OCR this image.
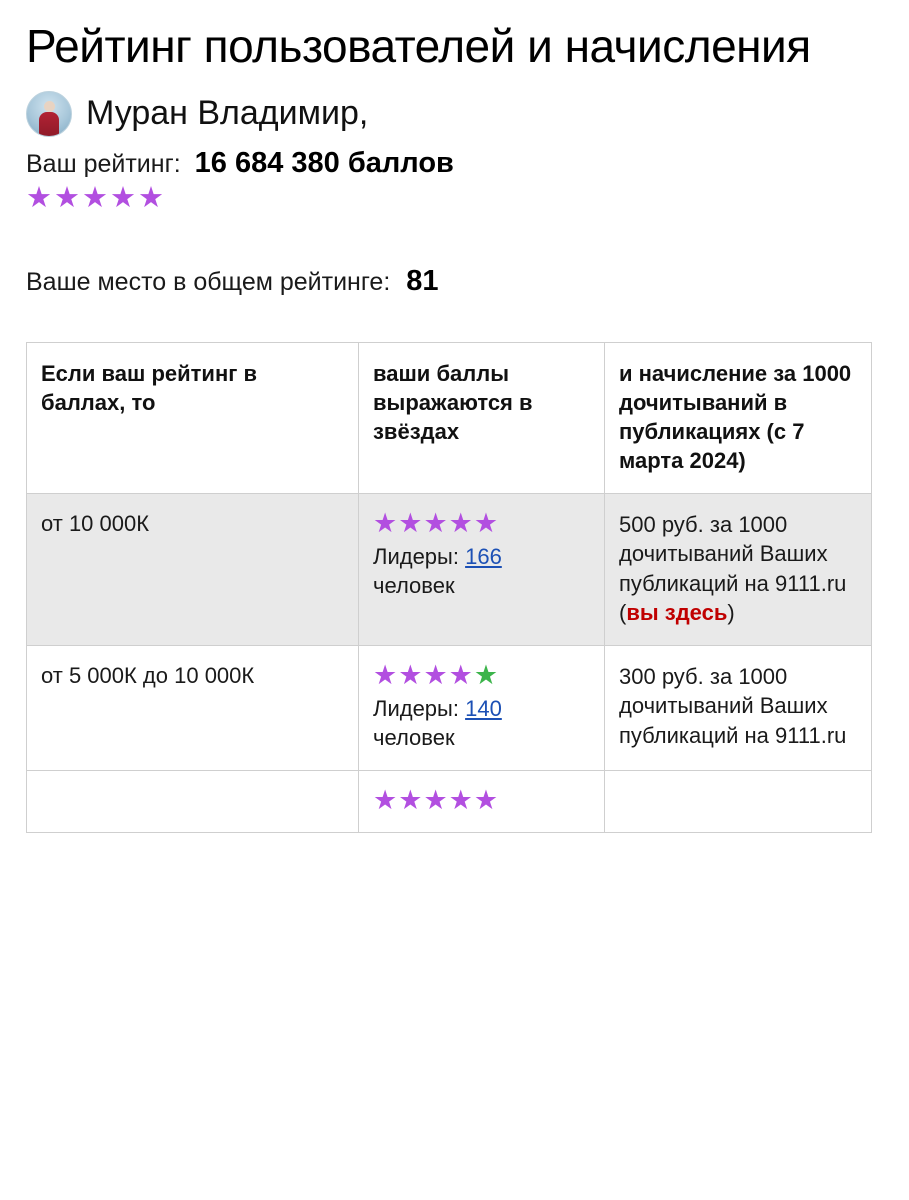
Рейтинг пользователей и начисления
Муран Владимир,
Ваш рейтинг: 16 684 380 баллов
★★★★★
Ваше место в общем рейтинге: 81
Если ваш рейтинг в баллах, то	ваши баллы выражаются в звёздах	и начисление за 1000 дочитываний в публикациях (с 7 марта 2024)
от 10 000К	★★★★★
Лидеры: 166
человек	500 руб. за 1000 дочитываний Ваших публикаций на 9111.ru (вы здесь)
от 5 000К до 10 000К	★★★★★
Лидеры: 140
человек	300 руб. за 1000 дочитываний Ваших публикаций на 9111.ru

	★★★★★	
